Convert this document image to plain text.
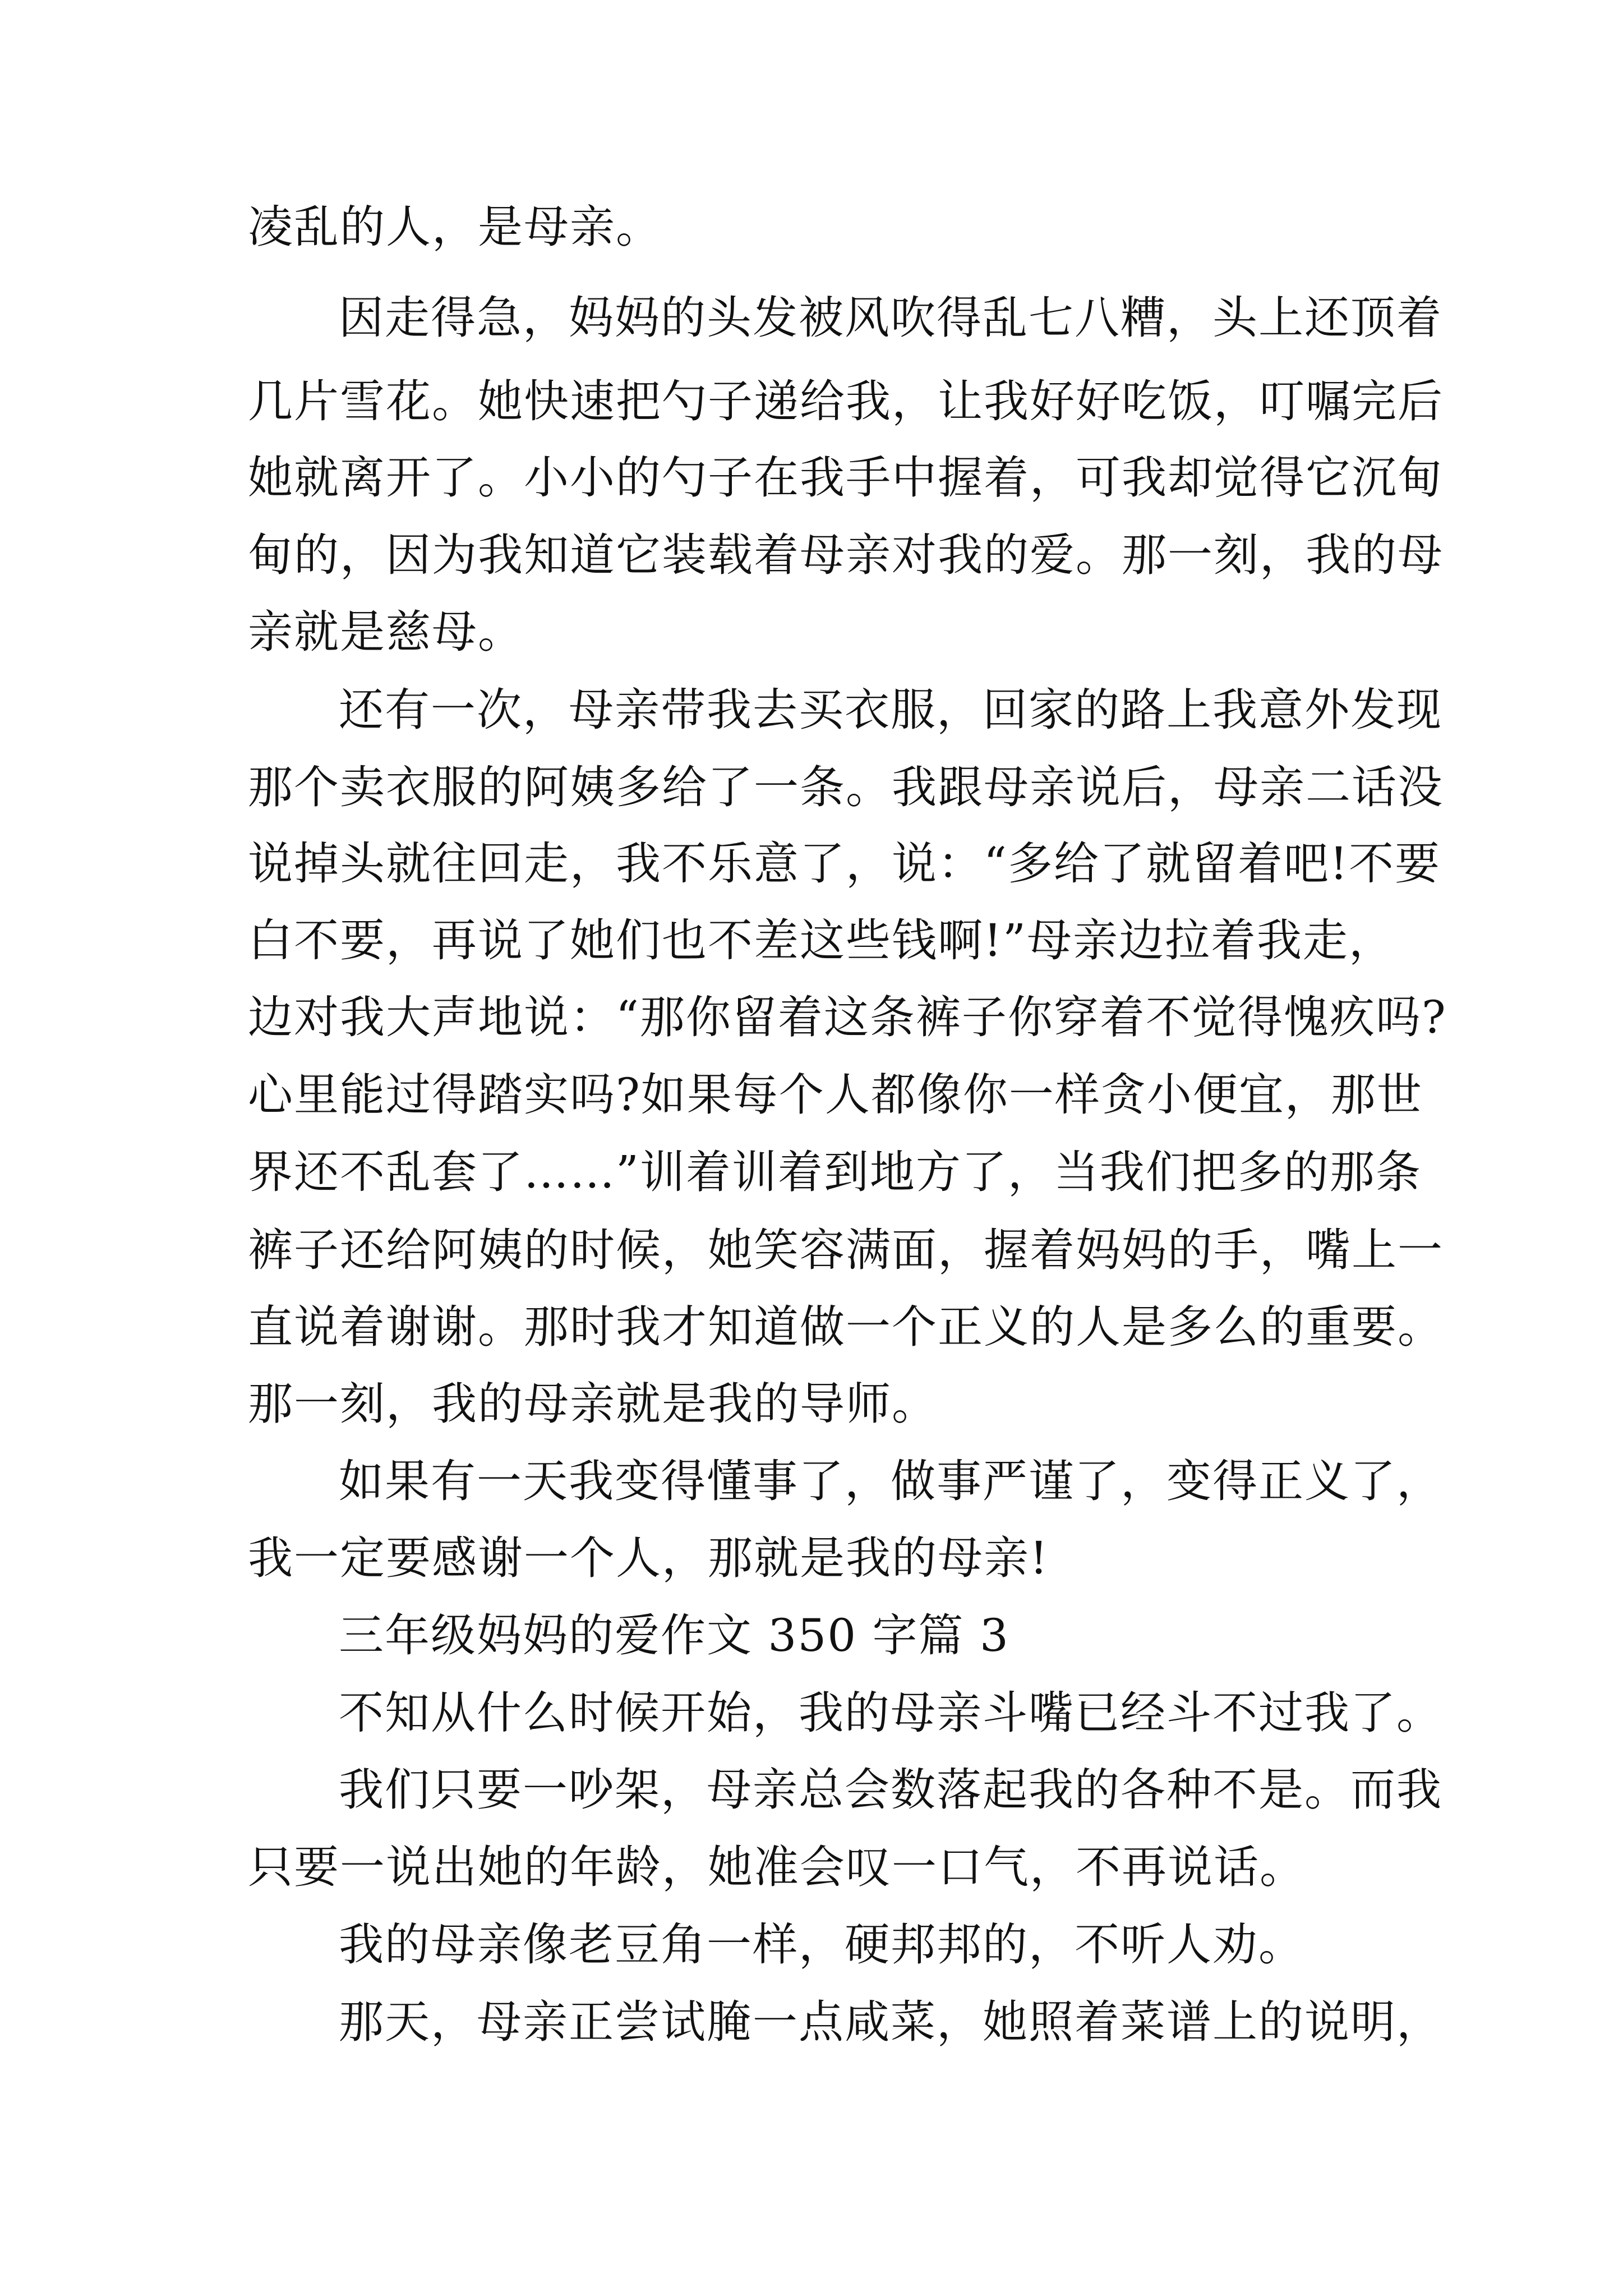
凌乱的人，是母亲。
因走得急，妈妈的头发被风吹得乱七八糟，头上还顶着
几片雪花。她快速把勺子递给我，让我好好吃饭，叮嘱完后
她就离开了。小小的勺子在我手中握着，可我却觉得它沉甸
甸的，因为我知道它装载着母亲对我的爱。那一刻，我的母
亲就是慈母。
还有一次，母亲带我去买衣服，回家的路上我意外发现
那个卖衣服的阿姨多给了一条。我跟母亲说后，母亲二话没
说掉头就往回走，我不乐意了，说：“多给了就留着吧!不要
白不要，再说了她们也不差这些钱啊!”母亲边拉着我走，
边对我大声地说：“那你留着这条裤子你穿着不觉得愧疚吗?
心里能过得踏实吗?如果每个人都像你一样贪小便宜，那世
界还不乱套了……”训着训着到地方了，当我们把多的那条
裤子还给阿姨的时候，她笑容满面，握着妈妈的手，嘴上一
直说着谢谢。那时我才知道做一个正义的人是多么的重要。
那一刻，我的母亲就是我的导师。
如果有一天我变得懂事了，做事严谨了，变得正义了，
我一定要感谢一个人，那就是我的母亲!
三年级妈妈的爱作文 350 字篇 3
不知从什么时候开始，我的母亲斗嘴已经斗不过我了。
我们只要一吵架，母亲总会数落起我的各种不是。而我
只要一说出她的年龄，她准会叹一口气，不再说话。
我的母亲像老豆角一样，硬邦邦的，不听人劝。
那天，母亲正尝试腌一点咸菜，她照着菜谱上的说明，
